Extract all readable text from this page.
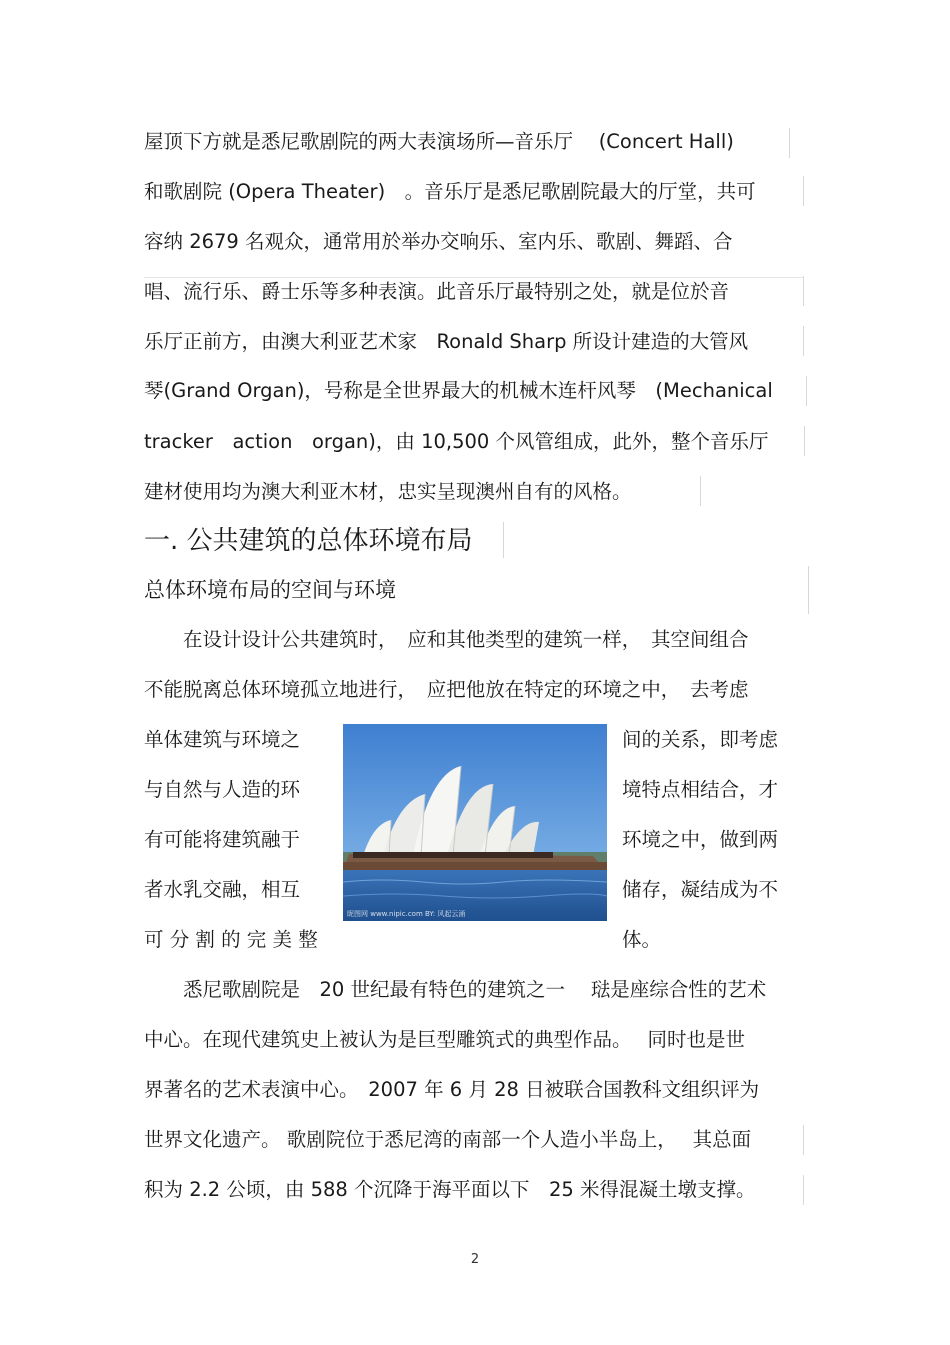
屋顶下方就是悉尼歌剧院的两大表演场所—音乐厅　 (Concert Hall)
和歌剧院 (Opera Theater)　。音乐厅是悉尼歌剧院最大的厅堂，共可
容纳 2679 名观众，通常用於举办交响乐、室内乐、歌剧、舞蹈、合
唱、流行乐、爵士乐等多种表演。此音乐厅最特别之处，就是位於音
乐厅正前方，由澳大利亚艺术家　Ronald Sharp 所设计建造的大管风
琴(Grand Organ)，号称是全世界最大的机械木连杆风琴　(Mechanical
tracker　action　organ)，由 10,500 个风管组成，此外，整个音乐厅
建材使用均为澳大利亚木材，忠实呈现澳州自有的风格。
一. 公共建筑的总体环境布局
总体环境布局的空间与环境
　　在设计设计公共建筑时，　应和其他类型的建筑一样，　其空间组合
不能脱离总体环境孤立地进行，　应把他放在特定的环境之中，　去考虑
单体建筑与环境之
与自然与人造的环
有可能将建筑融于
者水乳交融，相互
可 分 割 的 完 美 整
间的关系，即考虑
境特点相结合，才
环境之中，做到两
储存，凝结成为不
体。
昵图网 www.nipic.com BY: 风起云涌
　　悉尼歌剧院是　20 世纪最有特色的建筑之一　 琺是座综合性的艺术
中心。在现代建筑史上被认为是巨型雕筑式的典型作品。　 同时也是世
界著名的艺术表演中心。　2007 年 6 月 28 日被联合国教科文组织评为
世界文化遗产。 歌剧院位于悉尼湾的南部一个人造小半岛上，　 其总面
积为 2.2 公顷，由 588 个沉降于海平面以下　25 米得混凝土墩支撑。
2
